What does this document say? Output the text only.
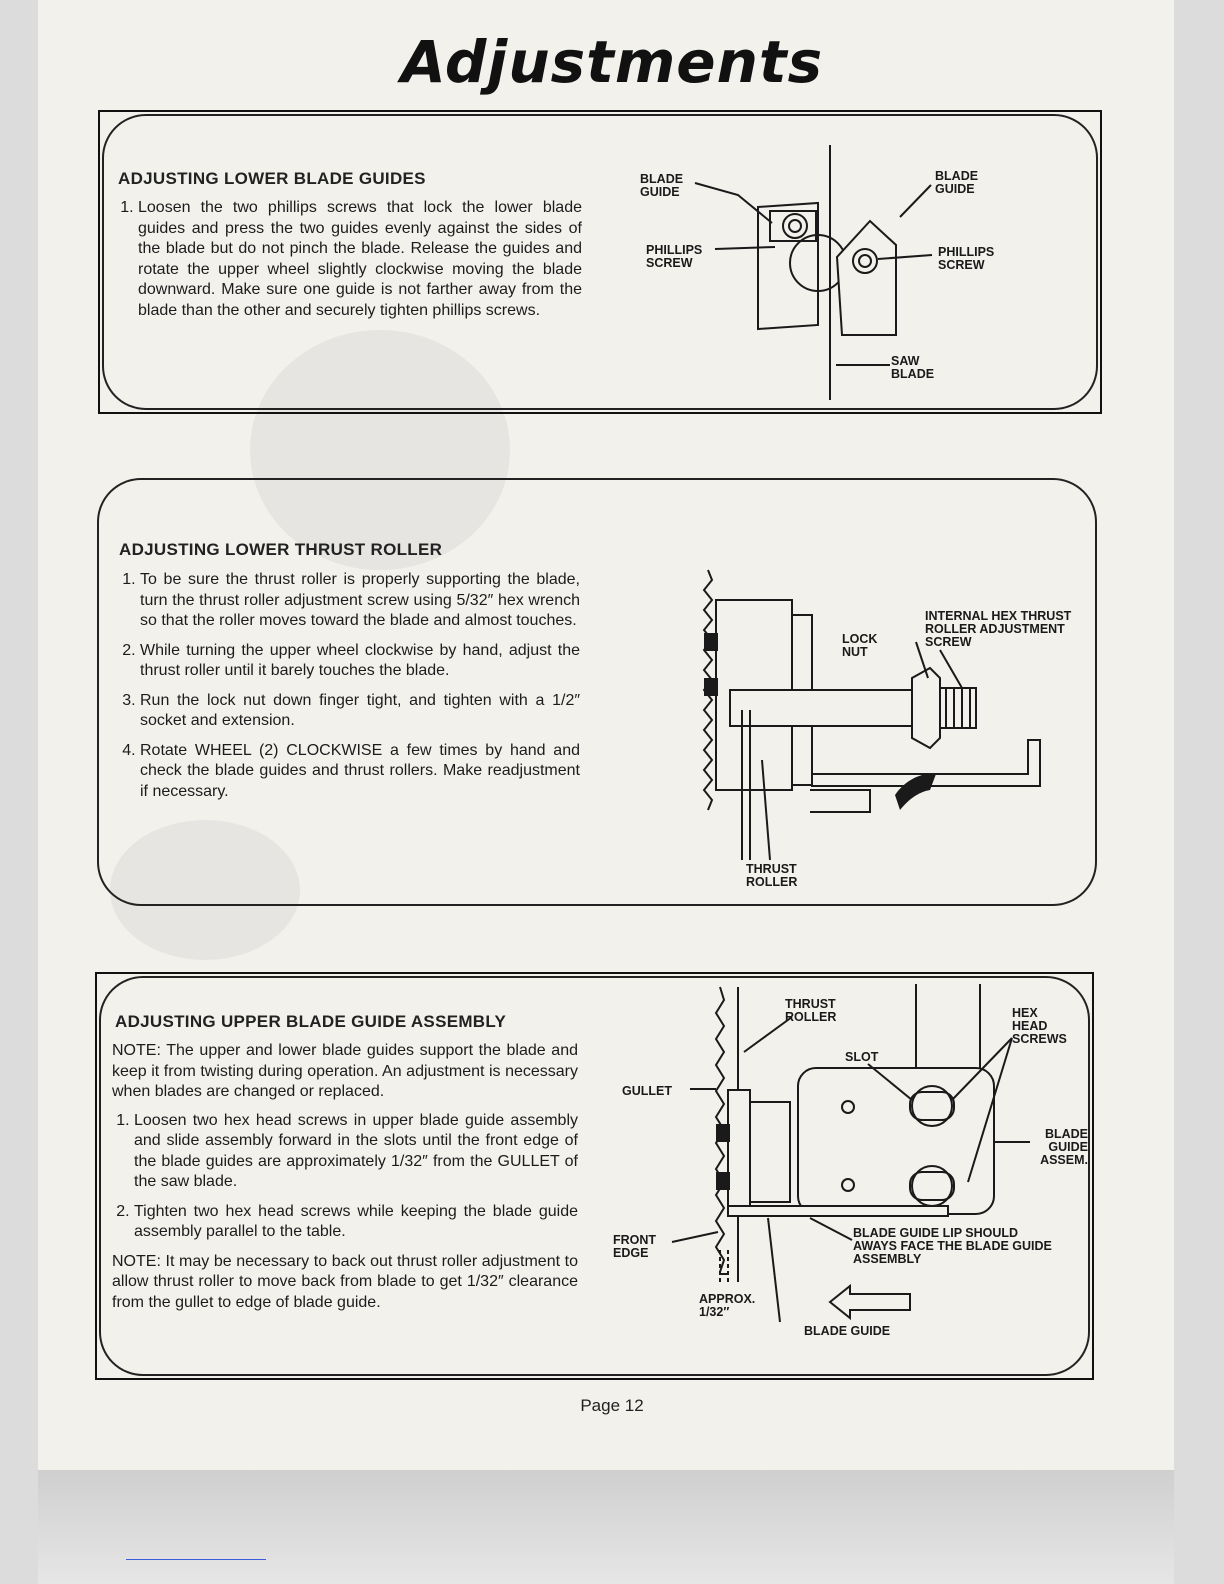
Adjustments
ADJUSTING LOWER BLADE GUIDES
1. Loosen the two phillips screws that lock the lower blade guides and press the two guides evenly against the sides of the blade but do not pinch the blade. Release the guides and rotate the upper wheel slightly clockwise moving the blade downward. Make sure one guide is not farther away from the blade than the other and securely tighten phillips screws.
BLADE GUIDE
BLADE GUIDE
PHILLIPS SCREW
PHILLIPS SCREW
SAW BLADE
ADJUSTING LOWER THRUST ROLLER
1. To be sure the thrust roller is properly supporting the blade, turn the thrust roller adjustment screw using 5/32″ hex wrench so that the roller moves toward the blade and almost touches.
2. While turning the upper wheel clockwise by hand, adjust the thrust roller until it barely touches the blade.
3. Run the lock nut down finger tight, and tighten with a 1/2″ socket and extension.
4. Rotate WHEEL (2) CLOCKWISE a few times by hand and check the blade guides and thrust rollers. Make readjustment if necessary.
INTERNAL HEX THRUST ROLLER ADJUSTMENT SCREW
LOCK NUT
THRUST ROLLER
ADJUSTING UPPER BLADE GUIDE ASSEMBLY

NOTE: The upper and lower blade guides support the blade and keep it from twisting during operation. An adjustment is necessary when blades are changed or replaced.

1. Loosen two hex head screws in upper blade guide assembly and slide assembly forward in the slots until the front edge of the blade guides are approximately 1/32″ from the GULLET of the saw blade.
2. Tighten two hex head screws while keeping the blade guide assembly parallel to the table.

NOTE: It may be necessary to back out thrust roller adjustment to allow thrust roller to move back from blade to get 1/32″ clearance from the gullet to edge of blade guide.

THRUST ROLLER	HEX HEAD SCREWS
SLOT
GULLET
BLADE GUIDE ASSEM.
FRONT EDGE
BLADE GUIDE LIP SHOULD AWAYS FACE THE BLADE GUIDE ASSEMBLY
APPROX. 1/32″
BLADE GUIDE
Page 12
